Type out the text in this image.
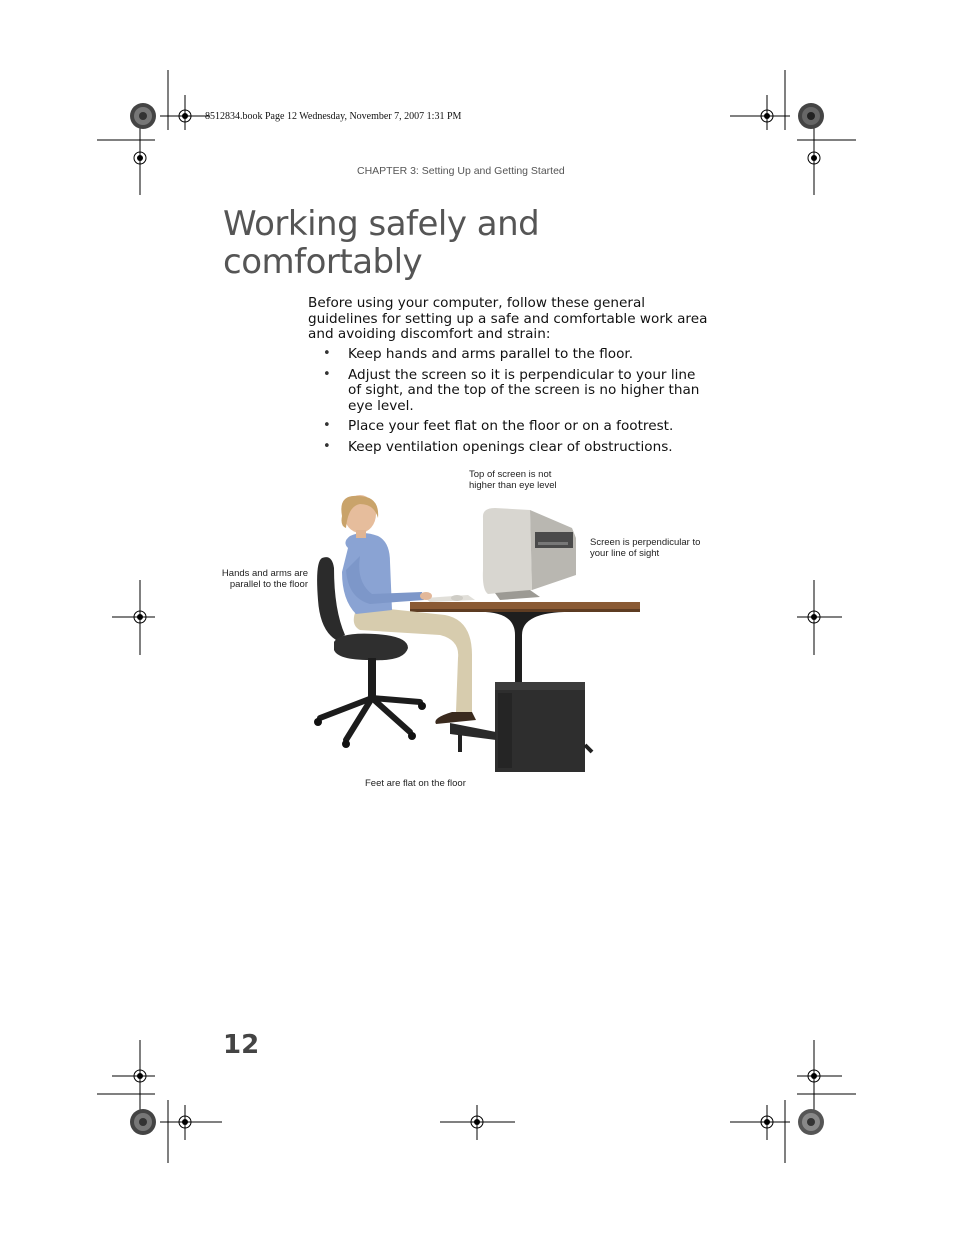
8512834.book Page 12 Wednesday, November 7, 2007 1:31 PM
CHAPTER 3: Setting Up and Getting Started
Working safely and
comfortably

Before using your computer, follow these general guidelines for setting up a safe and comfortable work area and avoiding discomfort and strain:

• Keep hands and arms parallel to the floor.
• Adjust the screen so it is perpendicular to your line of sight, and the top of the screen is no higher than eye level.
• Place your feet flat on the floor or on a footrest.
• Keep ventilation openings clear of obstructions.
Top of screen is not
higher than eye level
Screen is perpendicular to
your line of sight
Hands and arms are
parallel to the floor
Feet are flat on the floor
12
